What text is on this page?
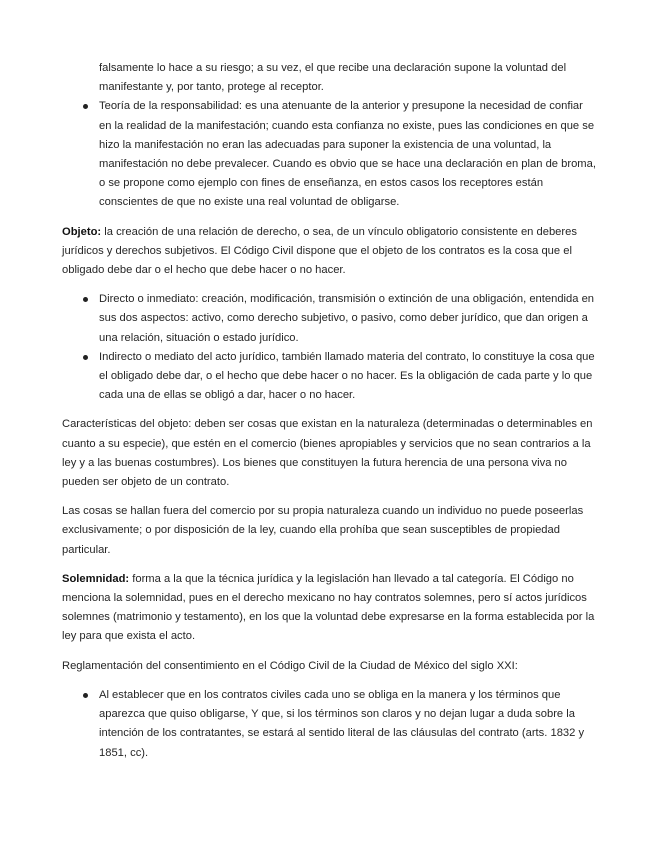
falsamente lo hace a su riesgo; a su vez, el que recibe una declaración supone la voluntad del manifestante y, por tanto, protege al receptor.

Teoría de la responsabilidad: es una atenuante de la anterior y presupone la necesidad de confiar en la realidad de la manifestación; cuando esta confianza no existe, pues las condiciones en que se hizo la manifestación no eran las adecuadas para suponer la existencia de una voluntad, la manifestación no debe prevalecer. Cuando es obvio que se hace una declaración en plan de broma, o se propone como ejemplo con fines de enseñanza, en estos casos los receptores están conscientes de que no existe una real voluntad de obligarse.

Objeto: la creación de una relación de derecho, o sea, de un vínculo obligatorio consistente en deberes jurídicos y derechos subjetivos. El Código Civil dispone que el objeto de los contratos es la cosa que el obligado debe dar o el hecho que debe hacer o no hacer.

Directo o inmediato: creación, modificación, transmisión o extinción de una obligación, entendida en sus dos aspectos: activo, como derecho subjetivo, o pasivo, como deber jurídico, que dan origen a una relación, situación o estado jurídico.
Indirecto o mediato del acto jurídico, también llamado materia del contrato, lo constituye la cosa que el obligado debe dar, o el hecho que debe hacer o no hacer. Es la obligación de cada parte y lo que cada una de ellas se obligó a dar, hacer o no hacer.

Características del objeto: deben ser cosas que existan en la naturaleza (determinadas o determinables en cuanto a su especie), que estén en el comercio (bienes apropiables y servicios que no sean contrarios a la ley y a las buenas costumbres). Los bienes que constituyen la futura herencia de una persona viva no pueden ser objeto de un contrato.

Las cosas se hallan fuera del comercio por su propia naturaleza cuando un individuo no puede poseerlas exclusivamente; o por disposición de la ley, cuando ella prohíba que sean susceptibles de propiedad particular.

Solemnidad: forma a la que la técnica jurídica y la legislación han llevado a tal categoría. El Código no menciona la solemnidad, pues en el derecho mexicano no hay contratos solemnes, pero sí actos jurídicos solemnes (matrimonio y testamento), en los que la voluntad debe expresarse en la forma establecida por la ley para que exista el acto.

Reglamentación del consentimiento en el Código Civil de la Ciudad de México del siglo XXI:

Al establecer que en los contratos civiles cada uno se obliga en la manera y los términos que aparezca que quiso obligarse, Y que, si los términos son claros y no dejan lugar a duda sobre la intención de los contratantes, se estará al sentido literal de las cláusulas del contrato (arts. 1832 y 1851, cc).
